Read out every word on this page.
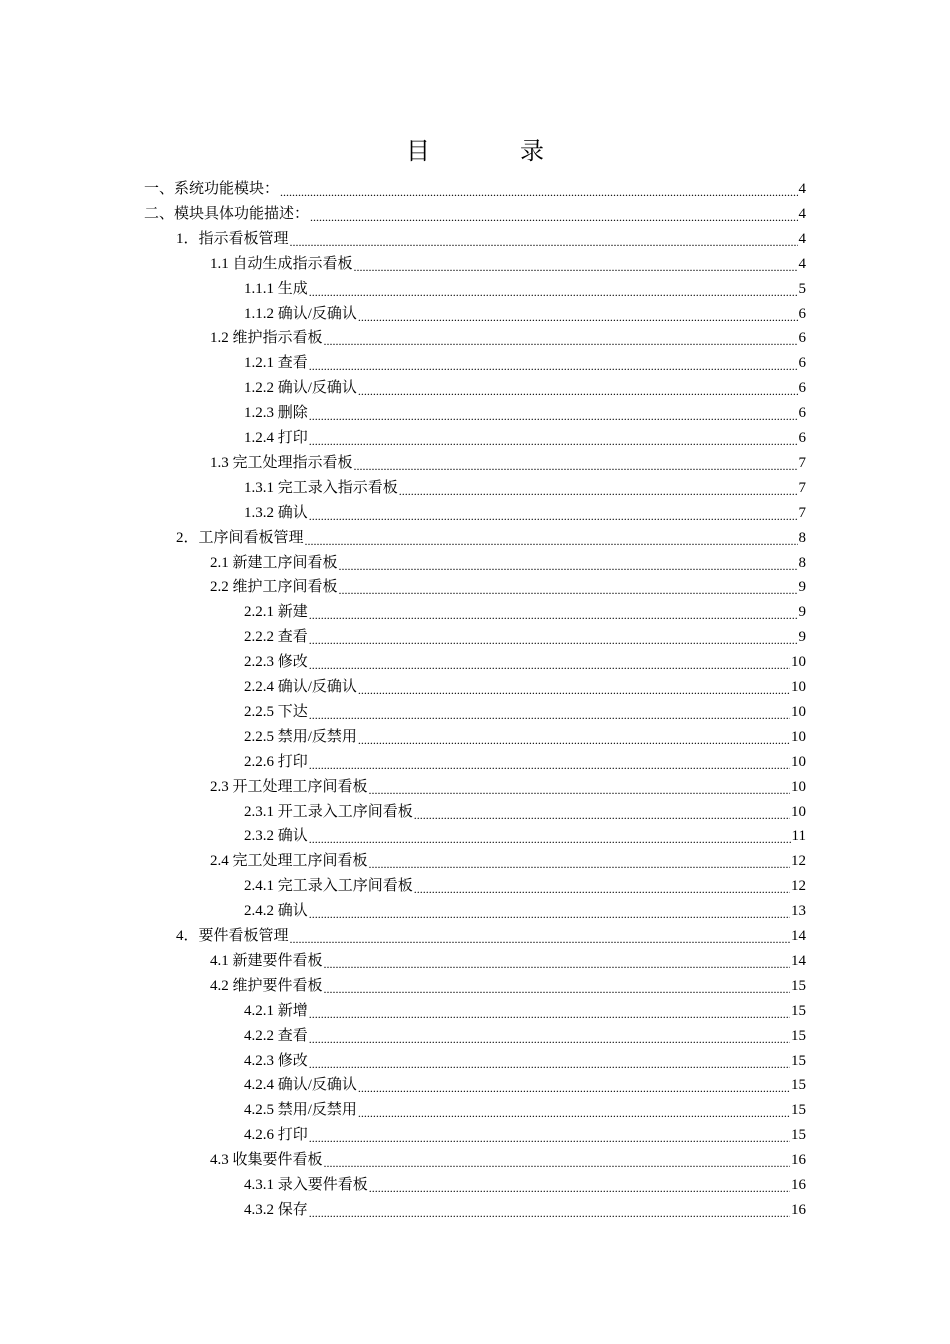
目 录
一、系统功能模块： .....	4
二、模块具体功能描述： .....	4
1．指示看板管理 .....	4
1.1 自动生成指示看板 .....	4
1.1.1 生成 .....	5
1.1.2 确认/反确认 .....	6
1.2 维护指示看板 .....	6
1.2.1 查看 .....	6
1.2.2 确认/反确认 .....	6
1.2.3 删除 .....	6
1.2.4 打印 .....	6
1.3 完工处理指示看板 .....	7
1.3.1 完工录入指示看板 .....	7
1.3.2 确认 .....	7
2．工序间看板管理 .....	8
2.1 新建工序间看板 .....	8
2.2 维护工序间看板 .....	9
2.2.1 新建 .....	9
2.2.2 查看 .....	9
2.2.3 修改 .....	10
2.2.4 确认/反确认 .....	10
2.2.5 下达 .....	10
2.2.5 禁用/反禁用 .....	10
2.2.6 打印 .....	10
2.3 开工处理工序间看板 .....	10
2.3.1 开工录入工序间看板 .....	10
2.3.2 确认 .....	11
2.4 完工处理工序间看板 .....	12
2.4.1 完工录入工序间看板 .....	12
2.4.2 确认 .....	13
4．要件看板管理 .....	14
4.1 新建要件看板 .....	14
4.2 维护要件看板 .....	15
4.2.1 新增 .....	15
4.2.2 查看 .....	15
4.2.3 修改 .....	15
4.2.4 确认/反确认 .....	15
4.2.5 禁用/反禁用 .....	15
4.2.6 打印 .....	15
4.3 收集要件看板 .....	16
4.3.1 录入要件看板 .....	16
4.3.2 保存 .....	16
